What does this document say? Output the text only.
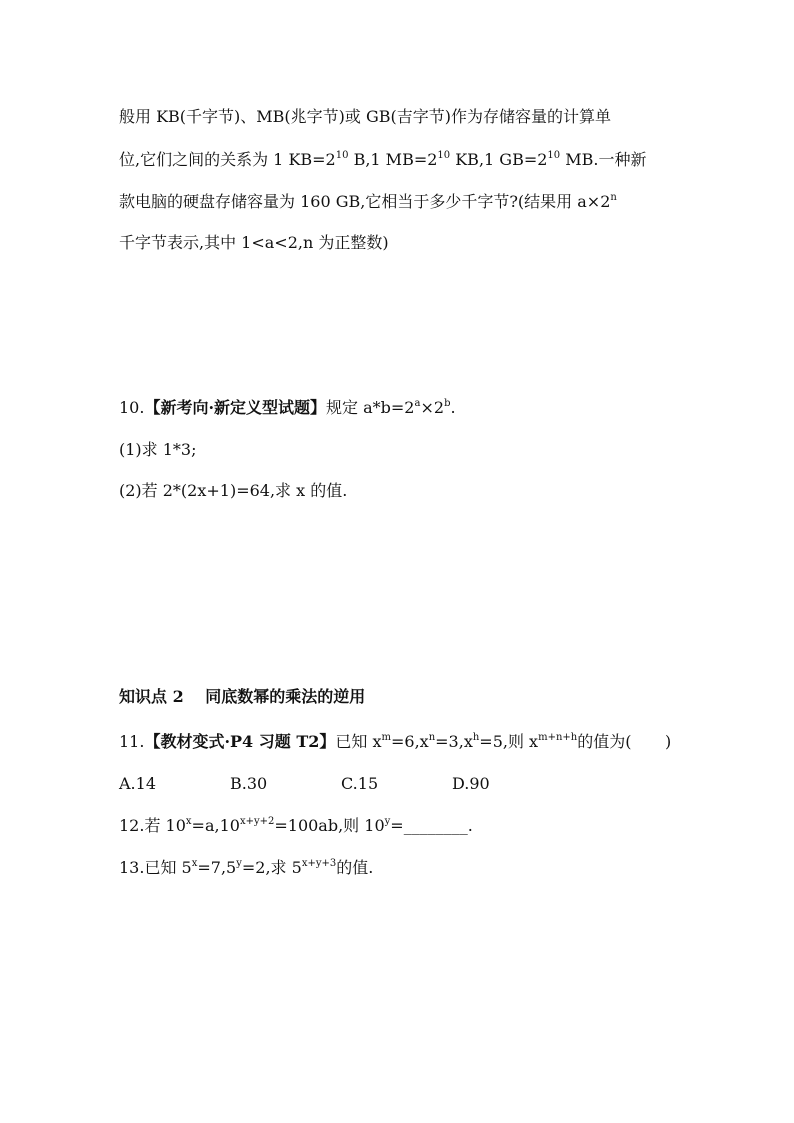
般用 KB(千字节)、MB(兆字节)或 GB(吉字节)作为存储容量的计算单
位,它们之间的关系为 1 $KB=2^{10}$ B,1 $MB=2^{10}$ KB,1 $GB=2^{10}$ MB.一种新
款电脑的硬盘存储容量为 160 GB,它相当于多少千字节?(结果用 $a\times 2^n$
千字节表示,其中 1<a<2,n 为正整数)
10.【新考向·新定义型试题】规定 $a*b=2^a\times 2^b$.
(1)求 1*3;
(2)若 2*(2x+1)=64,求 x 的值.
知识点 2　 同底数幂的乘法的逆用
11.【教材变式·P4 习题 T2】已知 $x^m=6,x^n=3,x^h=5$,则 $x^{m+n+h}$的值为( )
A.14	B.30	C.15	D.90
12.若 $10^x=a,10^{x+y+2}=100ab$,则 $10^y=\_\_\_\_\_\_\_\_$.
13.已知 $5^x=7,5^y=2$,求 $5^{x+y+3}$的值.
